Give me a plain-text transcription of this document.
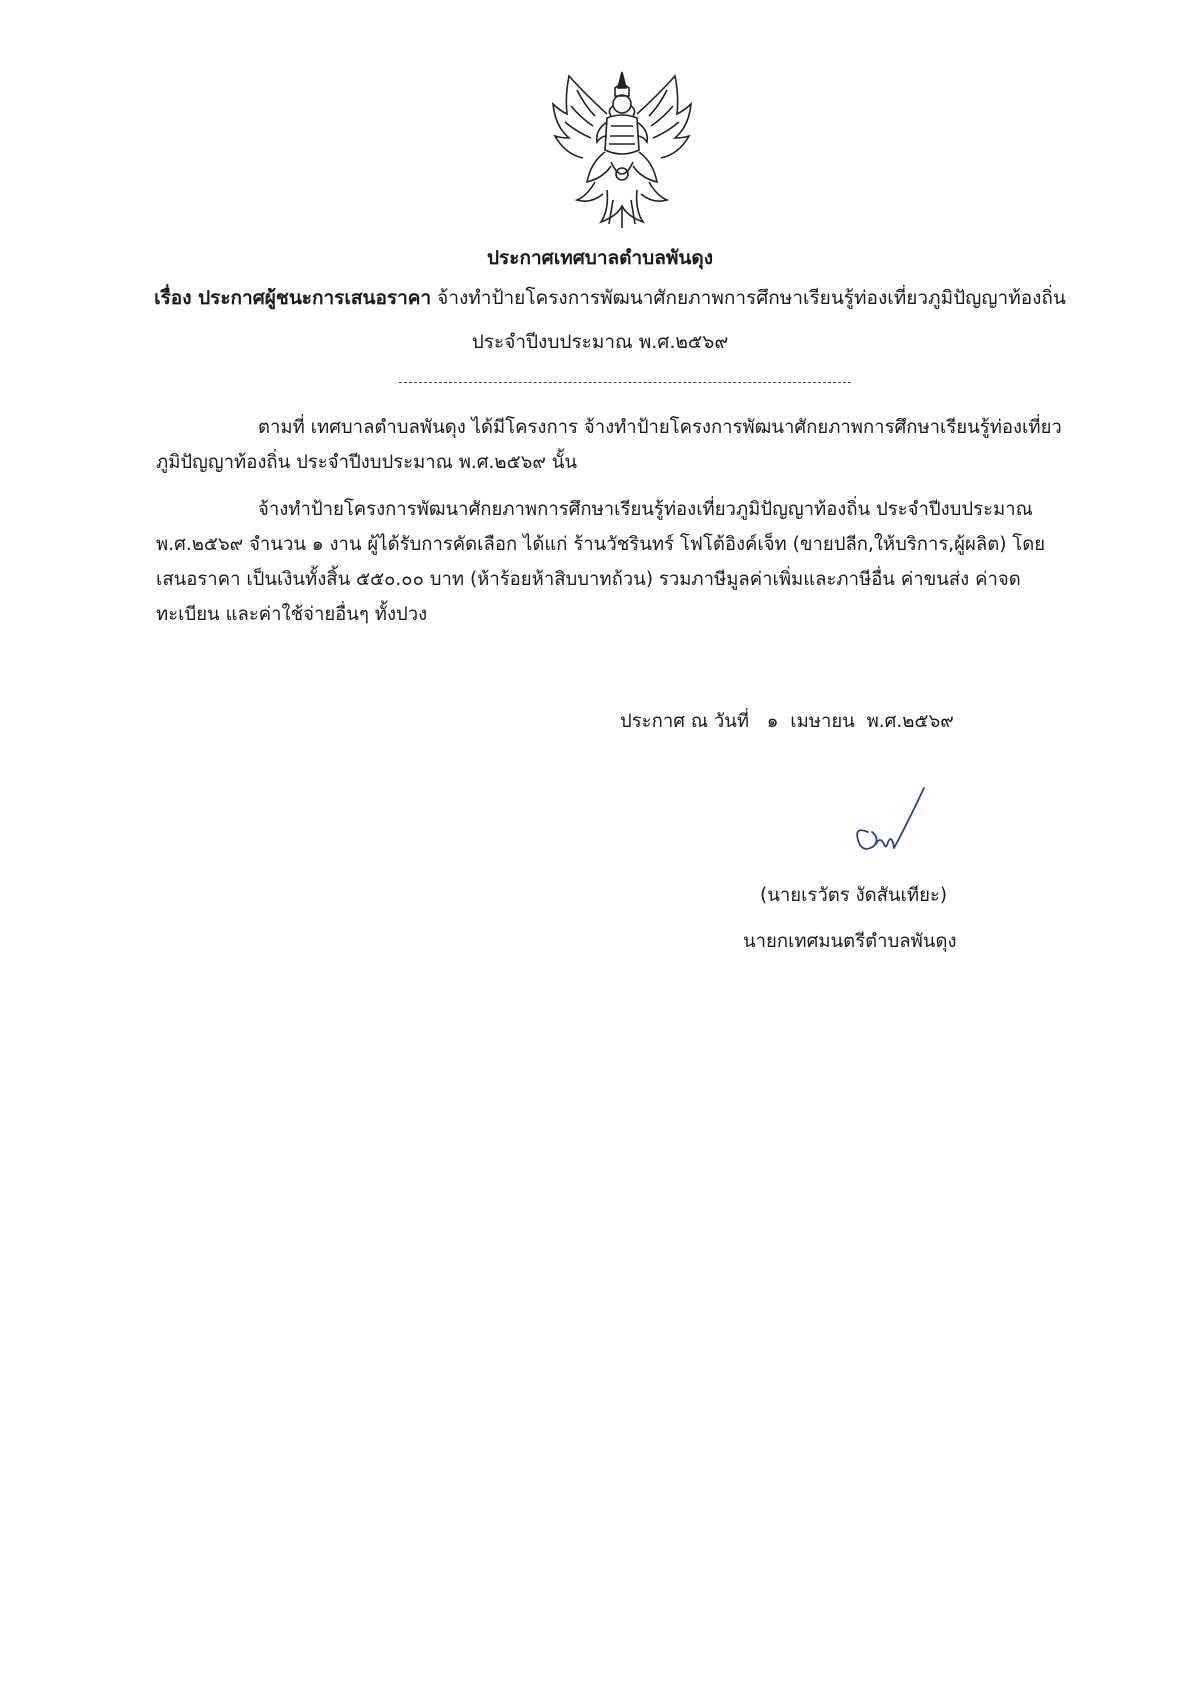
ประกาศเทศบาลตำบลพันดุง
เรื่อง ประกาศผู้ชนะการเสนอราคา จ้างทำป้ายโครงการพัฒนาศักยภาพการศึกษาเรียนรู้ท่องเที่ยวภูมิปัญญาท้องถิ่น
ประจำปีงบประมาณ พ.ศ.๒๕๖๙
ตามที่ เทศบาลตำบลพันดุง ได้มีโครงการ จ้างทำป้ายโครงการพัฒนาศักยภาพการศึกษาเรียนรู้ท่องเที่ยว
ภูมิปัญญาท้องถิ่น ประจำปีงบประมาณ พ.ศ.๒๕๖๙ นั้น
จ้างทำป้ายโครงการพัฒนาศักยภาพการศึกษาเรียนรู้ท่องเที่ยวภูมิปัญญาท้องถิ่น ประจำปีงบประมาณ
พ.ศ.๒๕๖๙ จำนวน ๑ งาน ผู้ได้รับการคัดเลือก ได้แก่ ร้านวัชรินทร์ โฟโต้อิงค์เจ็ท (ขายปลีก,ให้บริการ,ผู้ผลิต) โดย
เสนอราคา เป็นเงินทั้งสิ้น ๕๕๐.๐๐ บาท (ห้าร้อยห้าสิบบาทถ้วน) รวมภาษีมูลค่าเพิ่มและภาษีอื่น ค่าขนส่ง ค่าจด
ทะเบียน และค่าใช้จ่ายอื่นๆ ทั้งปวง
ประกาศ ณ วันที่   ๑  เมษายน  พ.ศ.๒๕๖๙
(นายเรวัตร งัดสันเทียะ)
นายกเทศมนตรีตำบลพันดุง
